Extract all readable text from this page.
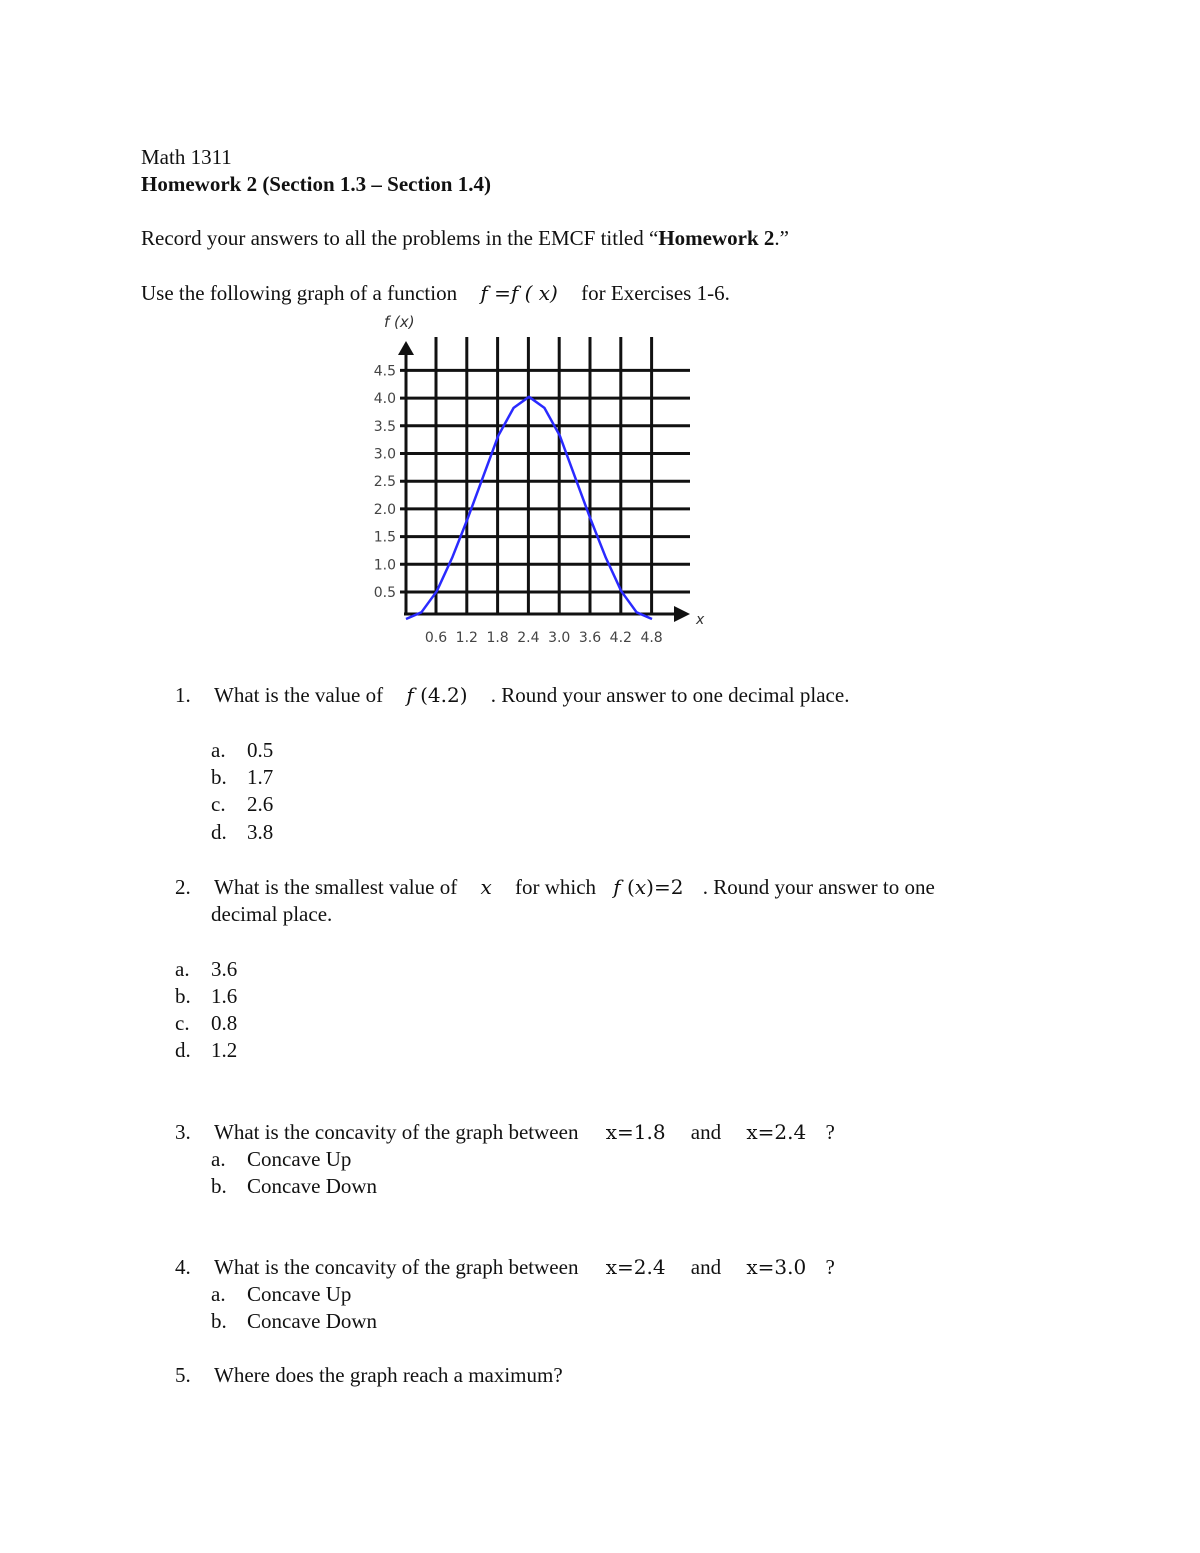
Math 1311
Homework 2 (Section 1.3 – Section 1.4)
Record your answers to all the problems in the EMCF titled “Homework 2.”
Use the following graph of a function f =f ( x) for Exercises 1-6.
0.6 1.2 1.8 2.4 3.0 3.6 4.2 4.8
0.5
1.0
1.5
2.0
2.5
3.0
3.5
4.0
4.5
f (x)
x
1. What is the value of f (4.2) . Round your answer to one decimal place.
a. 0.5
b. 1.7
c. 2.6
d. 3.8
2. What is the smallest value of x for which f (x)=2 . Round your answer to one
decimal place.
a. 3.6
b. 1.6
c. 0.8
d. 1.2
3. What is the concavity of the graph between x=1.8 and x=2.4 ?
a. Concave Up
b. Concave Down
4. What is the concavity of the graph between x=2.4 and x=3.0 ?
a. Concave Up
b. Concave Down
5. Where does the graph reach a maximum?
